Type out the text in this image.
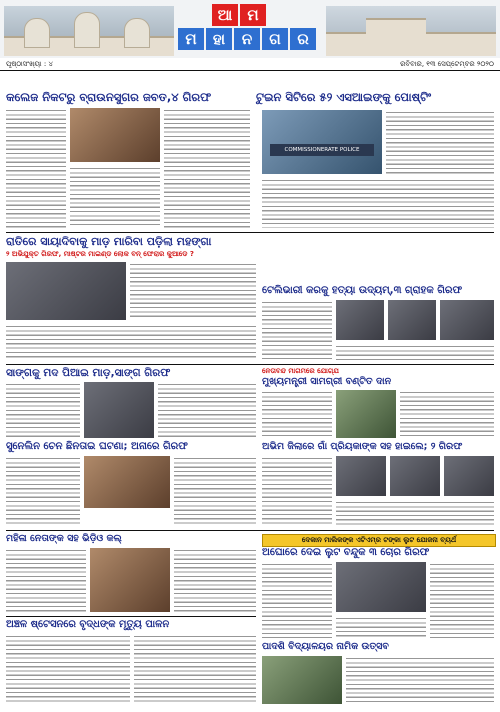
ଆ	ମ
ମ	ହା	ନ	ଗ	ର
ପୃଷ୍ଠାସଂଖ୍ୟା : ୪	ରବିବାର, ୧୩ ସେପ୍ଟେମ୍ବର ୨୦୨୦
କଲେଜ ନିକଟରୁ ବ୍ରାଉନସୁଗର ଜବତ,୪ ଗିରଫ	ଟୁଇନ ସିଟିରେ ୫୨ ଏସଆଇଙ୍କୁ ପୋଷ୍ଟିଂ
COMMISSIONERATE POLICE
ରାତିରେ ସାୟାଦିବାକୁ ମାଡ଼ ମାରିବା ପଡ଼ିଲା ମହଙ୍ଗା
୨ ଅଭିଯୁକ୍ତ ଗିରଫ, ମାଷ୍ଟର ମାଇଣ୍ଡ ଲୋକ ବନ୍ ଫେରାର କୁଆଡେ ?
ଟେଲିଭାରୀ କରକୁ ହତ୍ୟା ଉଦ୍ୟମ୍,୩ ଗ୍ରାହକ ଗିରଫ
ସାଙ୍ଗକୁ ମଦ ପିଆଇ ମାଡ଼,ସାଙ୍ଗ ଗିରଫ
ସୁନେଲିନ ଚେନ ଛିନତାଇ ଘଟଣା; ଅନାରେ ଗିରଫ
ନେତାବନ୍ଦ ମାଗମରେ ଯୋଗ୍ଯ
ମୁଖ୍ୟମନ୍ତ୍ରୀ ସାମଗ୍ରୀ ବଣ୍ଟିତ ଦାନ
ଅଭିମ ଜିଲାରେ ଗାଁ ପ୍ରିୟକାଙ୍କ ସହ ହାଇଲେ; ୨ ଗିରଫ
ମହିଳା ନେତାଙ୍କ ସହ ଭିଡ଼ିଓ କଲ୍	ଦେକାନ ମାଲିକଙ୍କ ଏଟିଏମ୍ର ଟଙ୍କା ଲୁଟ ଯୋଜନା ବ୍ୟର୍ଥ
ଅଘୋରେ ଦେଇ ଲୁଟ ବନ୍ଦୁକ ୩ ଚୋର ଗିରଫ
ଅଞ୍ଚଳ ଷ୍ଟେସନରେ ବୃଦ୍ଧଙ୍କ ମୃତ୍ୟୁ ପାଳନ
ପାଦଶି ବିଦ୍ୟାଳୟର ନାମିକ ଉତ୍ସବ
